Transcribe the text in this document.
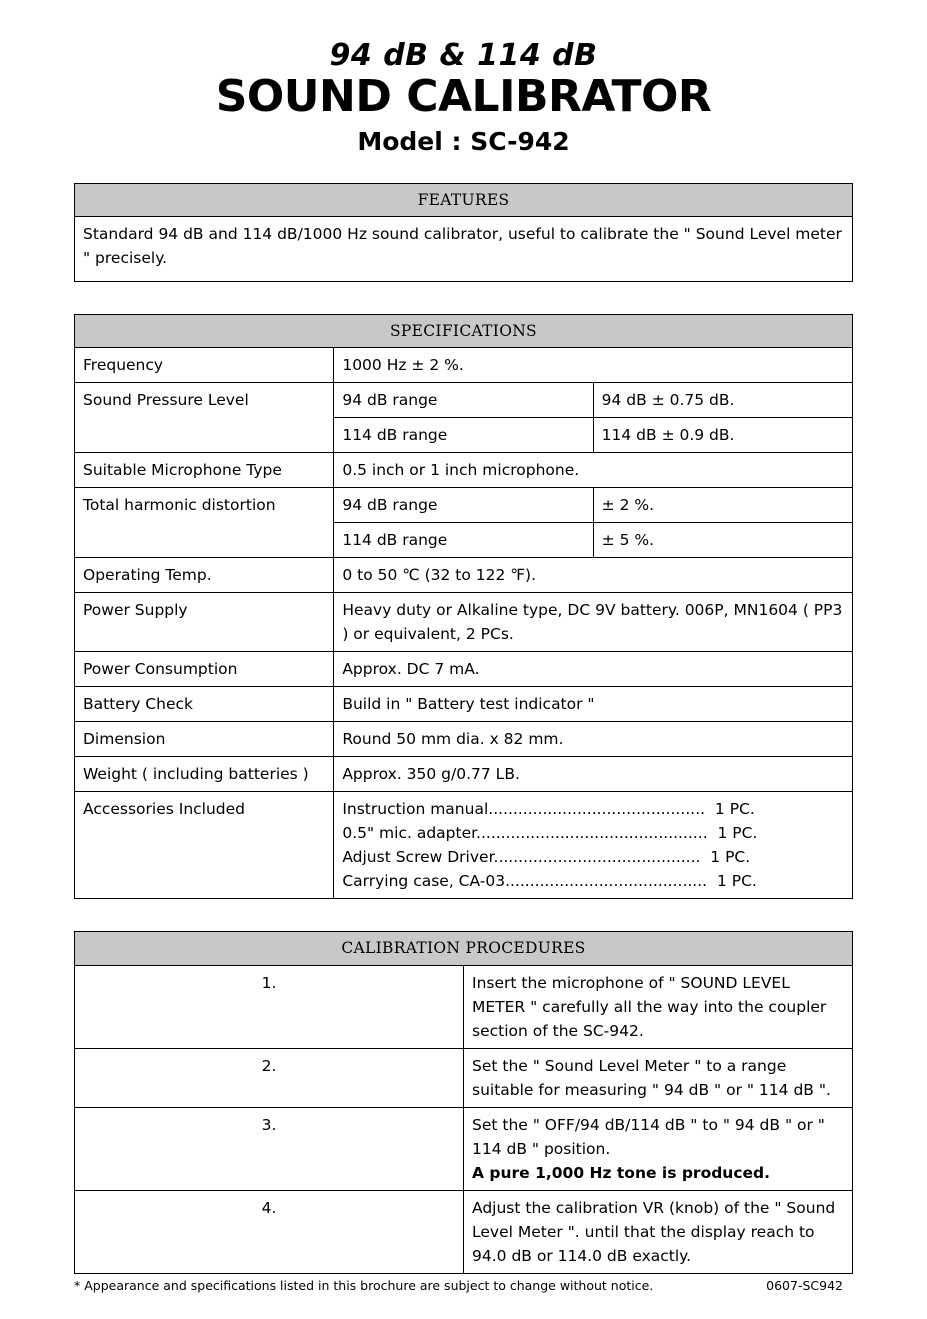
94 dB & 114 dB
SOUND CALIBRATOR
Model : SC-942
FEATURES
Standard 94 dB and 114 dB/1000 Hz sound calibrator, useful to calibrate the " Sound Level meter " precisely.
SPECIFICATIONS		
Frequency	1000 Hz ± 2 %.	
Sound Pressure Level	94 dB range	94 dB ± 0.75 dB.
	114 dB range	114 dB ± 0.9 dB.
Suitable Microphone Type	0.5 inch or 1 inch microphone.	
Total harmonic distortion	94 dB range	± 2 %.
	114 dB range	± 5 %.
Operating Temp.	0 to 50 ℃ (32 to 122 ℉).	
Power Supply	Heavy duty or Alkaline type, DC 9V battery. 006P, MN1604 ( PP3 ) or equivalent, 2 PCs.	
Power Consumption	Approx. DC 7 mA.	
Battery Check	Build in " Battery test indicator "	
Dimension	Round 50 mm dia. x 82 mm.	
Weight ( including batteries )	Approx. 350 g/0.77 LB.	
Accessories Included	Instruction manual............................................  1 PC.
0.5" mic. adapter...............................................  1 PC.
Adjust Screw Driver..........................................  1 PC.
Carrying case, CA-03.........................................  1 PC.	
CALIBRATION PROCEDURES	
1.	Insert the microphone of " SOUND LEVEL METER " carefully all the way into the coupler section of the SC-942.
2.	Set the " Sound Level Meter " to a range suitable for measuring " 94 dB " or " 114 dB ".
3.	Set the " OFF/94 dB/114 dB " to " 94 dB " or " 114 dB " position.
A pure 1,000 Hz tone is produced.

4.	Adjust the calibration VR (knob) of the " Sound Level Meter ". until that the display reach to 94.0 dB or 114.0 dB exactly.
* Appearance and specifications listed in this brochure are subject to change without notice.	0607-SC942
